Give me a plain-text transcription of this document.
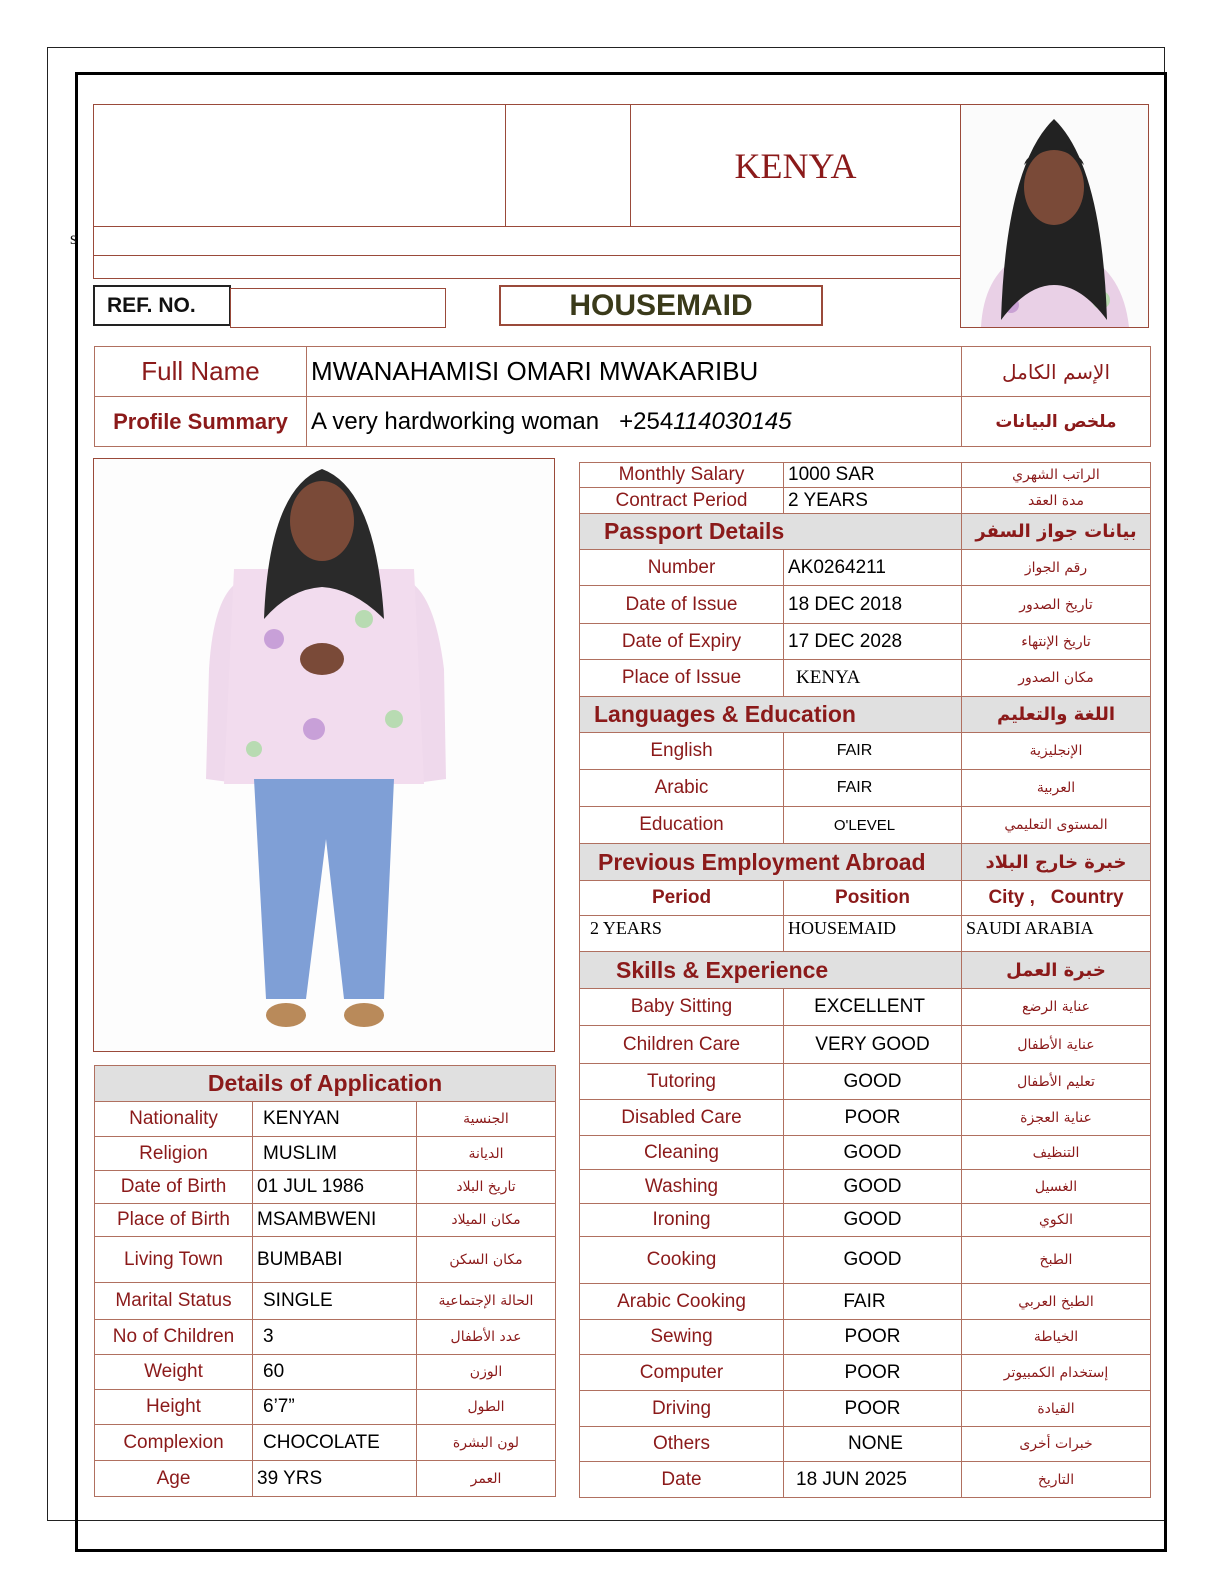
s
KENYA
REF. NO.	HOUSEMAID
Full Name	MWANAHAMISI OMARI MWAKARIBU	الإسم الكامل
Profile Summary	A very hardworking woman +254114030145	ملخص البيانات
Details of Application		
Nationality	KENYAN	الجنسية
Religion	MUSLIM	الديانة
Date of Birth	01 JUL 1986	تاريخ البلاد
Place of Birth	MSAMBWENI	مكان الميلاد
Living Town	BUMBABI	مكان السكن
Marital Status	SINGLE	الحالة الإجتماعية
No of Children	3	عدد الأطفال
Weight	60	الوزن
Height	6’7”	الطول
Complexion	CHOCOLATE	لون البشرة
Age	39 YRS	العمر
Monthly Salary	1000 SAR	الراتب الشهري
Contract Period	2 YEARS	مدة العقد
Passport Details		بيانات جواز السفر
Number	AK0264211	رقم الجواز
Date of Issue	18 DEC 2018	تاريخ الصدور
Date of Expiry	17 DEC 2028	تاريخ الإنتهاء
Place of Issue	KENYA	مكان الصدور
Languages & Education		اللغة والتعليم
English	FAIR	الإنجليزية
Arabic	FAIR	العربية
Education	O'LEVEL	المستوى التعليمي
Previous Employment Abroad		خبرة خارج البلاد
Period	Position	City ,   Country
2 YEARS	HOUSEMAID	SAUDI ARABIA
Skills & Experience		خبرة العمل
Baby Sitting	EXCELLENT	عناية الرضع
Children Care	VERY GOOD	عناية الأطفال
Tutoring	GOOD	تعليم الأطفال
Disabled Care	POOR	عناية العجزة
Cleaning	GOOD	التنظيف
Washing	GOOD	الغسيل
Ironing	GOOD	الكوي
Cooking	GOOD	الطبخ
Arabic Cooking	FAIR	الطبخ العربي
Sewing	POOR	الخياطة
Computer	POOR	إستخدام الكمبيوتر
Driving	POOR	القيادة
Others	NONE	خبرات أخرى
Date	18 JUN 2025	التاريخ
